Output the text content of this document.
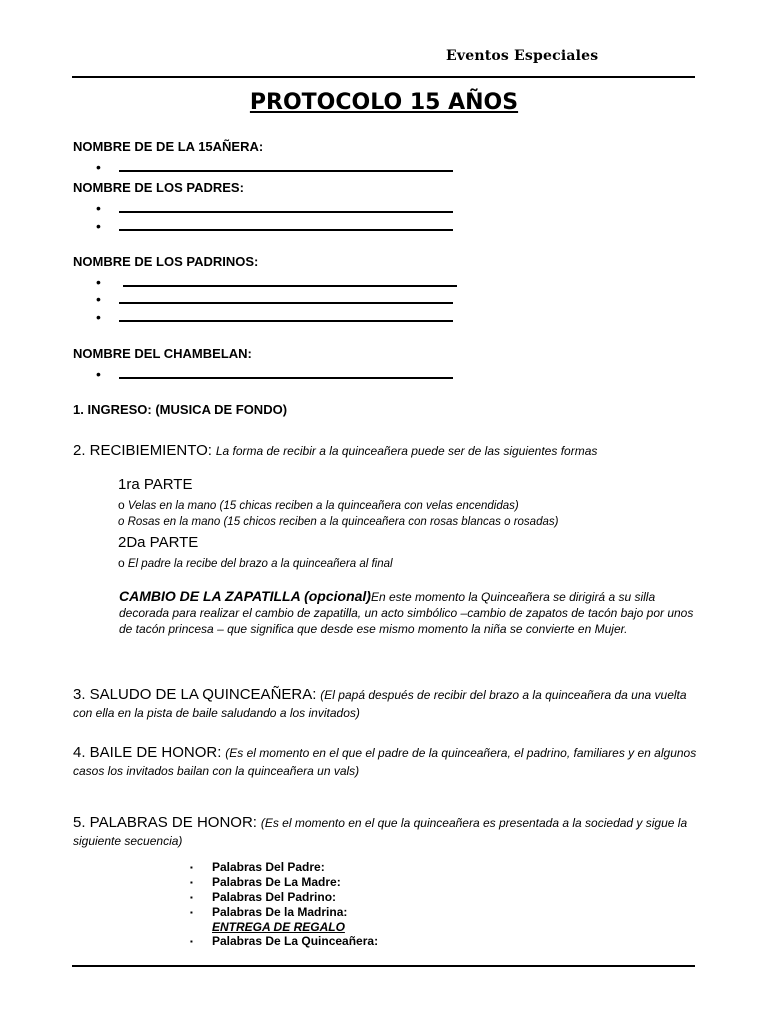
Eventos Especiales
PROTOCOLO 15 AÑOS
NOMBRE DE DE LA 15AÑERA:
•
NOMBRE DE LOS PADRES:
•
•
NOMBRE DE LOS PADRINOS:
•
•
•
NOMBRE DEL CHAMBELAN:
•
1. INGRESO: (MUSICA DE FONDO)
2. RECIBIEMIENTO: La forma de recibir a la quinceañera puede ser de las siguientes formas
1ra PARTE
o Velas en la mano (15 chicas reciben a la quinceañera con velas encendidas)
o Rosas en la mano (15 chicos reciben a la quinceañera con rosas blancas o rosadas)
2Da PARTE
o El padre la recibe del brazo a la quinceañera al final
CAMBIO DE LA ZAPATILLA (opcional)En este momento la Quinceañera se dirigirá a su silla decorada para realizar el cambio de zapatilla, un acto simbólico –cambio de zapatos de tacón bajo por unos de tacón princesa – que significa que desde ese mismo momento la niña se convierte en Mujer.
3. SALUDO DE LA QUINCEAÑERA: (El papá después de recibir del brazo a la quinceañera da una vuelta con ella en la pista de baile saludando a los invitados)
4. BAILE DE HONOR: (Es el momento en el que el padre de la quinceañera, el padrino, familiares y en algunos casos los invitados bailan con la quinceañera un vals)
5. PALABRAS DE HONOR: (Es el momento en el que la quinceañera es presentada a la sociedad y sigue la siguiente secuencia)
▪ Palabras Del Padre:
▪ Palabras De La Madre:
▪ Palabras Del Padrino:
▪ Palabras De la Madrina:
ENTREGA DE REGALO
▪ Palabras De La Quinceañera:
